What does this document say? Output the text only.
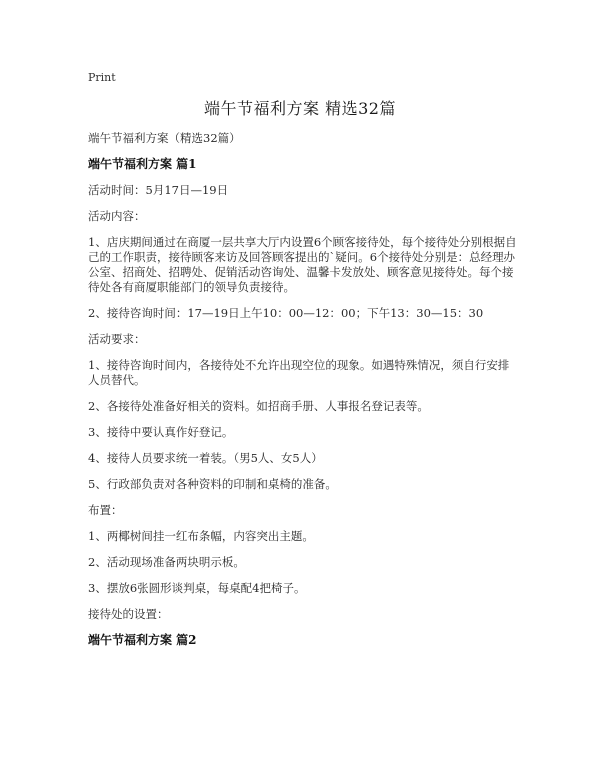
Print
端午节福利方案 精选32篇

端午节福利方案（精选32篇）

端午节福利方案 篇1

活动时间：5月17日—19日

活动内容：

1、店庆期间通过在商厦一层共享大厅内设置6个顾客接待处，每个接待处分别根据自己的工作职责，接待顾客来访及回答顾客提出的`疑问。6个接待处分别是：总经理办公室、招商处、招聘处、促销活动咨询处、温馨卡发放处、顾客意见接待处。每个接待处各有商厦职能部门的领导负责接待。

2、接待咨询时间：17—19日上午10：00—12：00；下午13：30—15：30

活动要求：

1、接待咨询时间内，各接待处不允许出现空位的现象。如遇特殊情况，须自行安排人员替代。

2、各接待处准备好相关的资料。如招商手册、人事报名登记表等。

3、接待中要认真作好登记。

4、接待人员要求统一着装。（男5人、女5人）

5、行政部负责对各种资料的印制和桌椅的准备。

布置：

1、两椰树间挂一红布条幅，内容突出主题。

2、活动现场准备两块明示板。

3、摆放6张圆形谈判桌，每桌配4把椅子。

接待处的设置：

端午节福利方案 篇2
